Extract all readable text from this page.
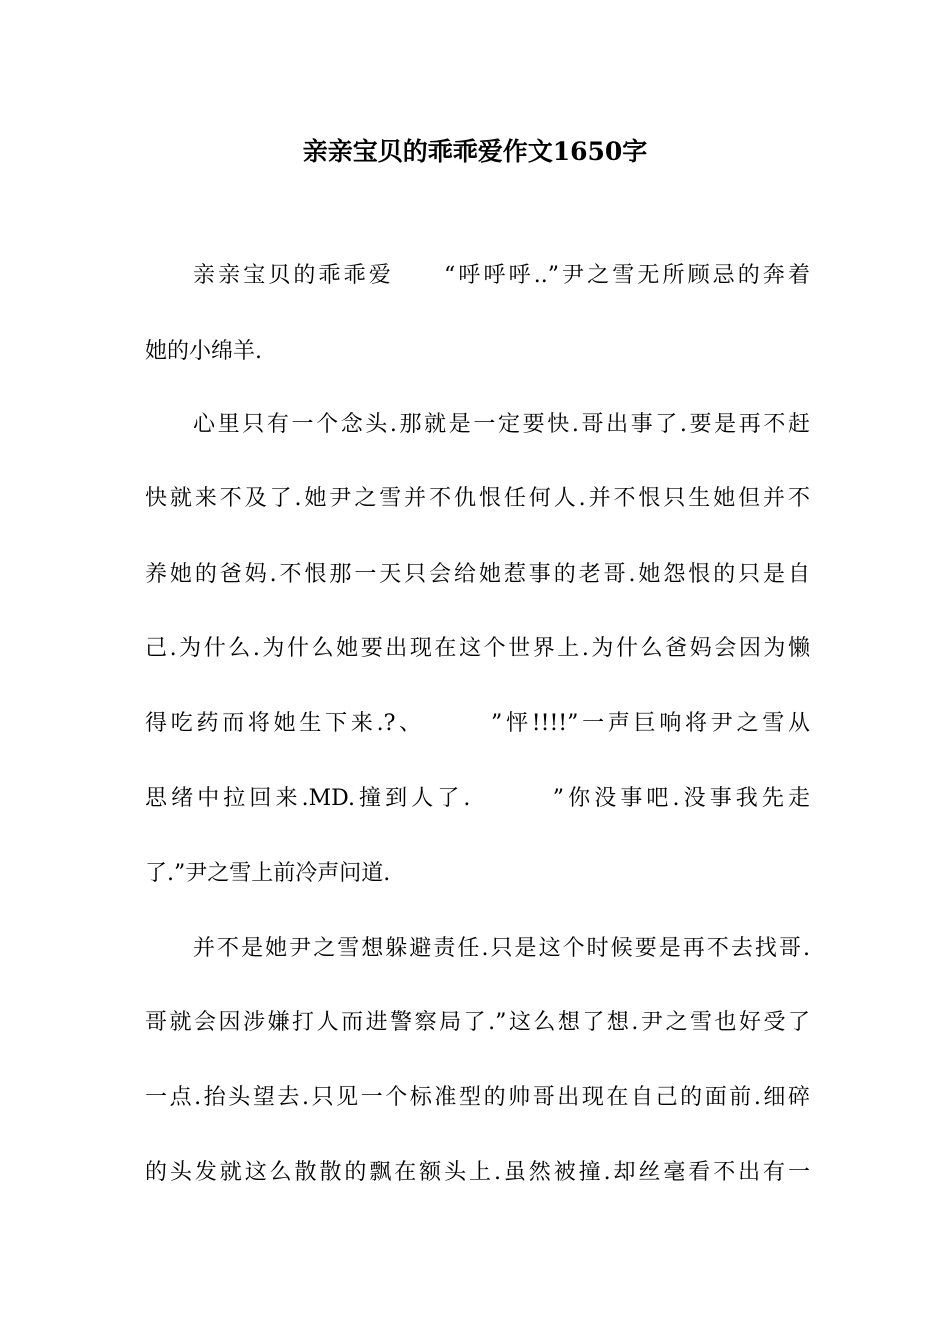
亲亲宝贝的乖乖爱作文1650字
亲亲宝贝的乖乖爱　　“呼呼呼..”尹之雪无所顾忌的奔着
她的小绵羊.
心里只有一个念头.那就是一定要快.哥出事了.要是再不赶
快就来不及了.她尹之雪并不仇恨任何人.并不恨只生她但并不
养她的爸妈.不恨那一天只会给她惹事的老哥.她怨恨的只是自
己.为什么.为什么她要出现在这个世界上.为什么爸妈会因为懒
得吃药而将她生下来.?、　　　”怦!!!!”一声巨响将尹之雪从
思绪中拉回来.MD.撞到人了.　　　”你没事吧.没事我先走
了.”尹之雪上前冷声问道.
并不是她尹之雪想躲避责任.只是这个时候要是再不去找哥.
哥就会因涉嫌打人而进警察局了.”这么想了想.尹之雪也好受了
一点.抬头望去.只见一个标准型的帅哥出现在自己的面前.细碎
的头发就这么散散的飘在额头上.虽然被撞.却丝毫看不出有一
